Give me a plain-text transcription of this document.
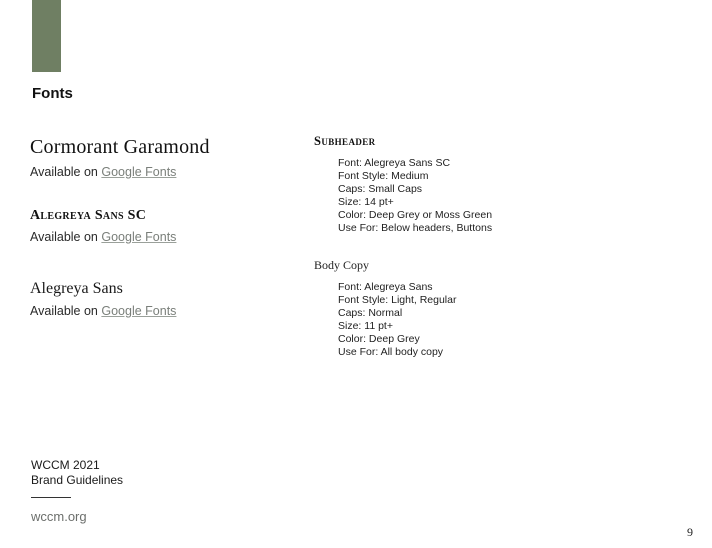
Fonts
Cormorant Garamond
Available on Google Fonts
Alegreya Sans SC
Available on Google Fonts
Alegreya Sans
Available on Google Fonts
Subheader
Font: Alegreya Sans SC
Font Style: Medium
Caps: Small Caps
Size: 14 pt+
Color: Deep Grey or Moss Green
Use For: Below headers, Buttons
Body Copy
Font: Alegreya Sans
Font Style: Light, Regular
Caps: Normal
Size: 11 pt+
Color: Deep Grey
Use For: All body copy
WCCM 2021
Brand Guidelines
wccm.org
9
